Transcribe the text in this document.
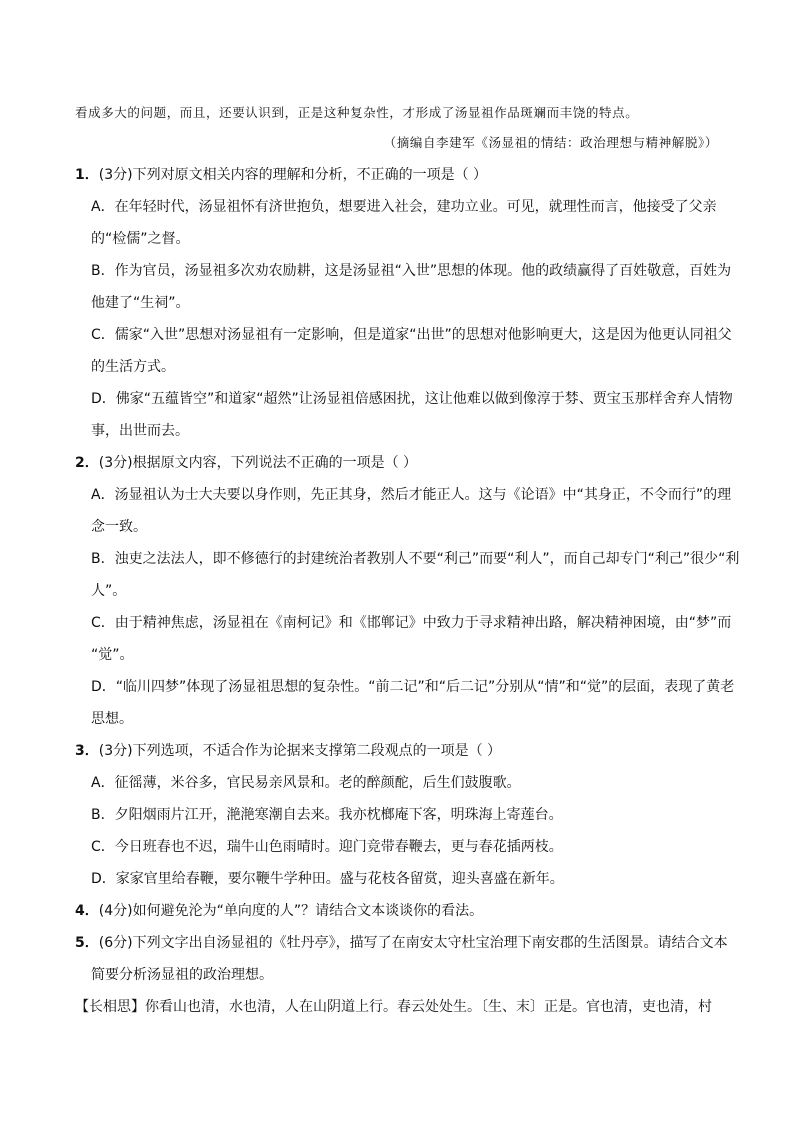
看成多大的问题，而且，还要认识到，正是这种复杂性，才形成了汤显祖作品斑斓而丰饶的特点。
（摘编自李建军《汤显祖的情结：政治理想与精神解脱》）
1．(3分)下列对原文相关内容的理解和分析，不正确的一项是（ ）
A．在年轻时代，汤显祖怀有济世抱负，想要进入社会，建功立业。可见，就理性而言，他接受了父亲
的“检儒”之督。
B．作为官员，汤显祖多次劝农励耕，这是汤显祖“入世”思想的体现。他的政绩赢得了百姓敬意，百姓为
他建了“生祠”。
C．儒家“入世”思想对汤显祖有一定影响，但是道家“出世”的思想对他影响更大，这是因为他更认同祖父
的生活方式。
D．佛家“五蕴皆空”和道家“超然”让汤显祖倍感困扰，这让他难以做到像淳于棼、贾宝玉那样舍弃人情物
事，出世而去。
2．(3分)根据原文内容，下列说法不正确的一项是（ ）
A．汤显祖认为士大夫要以身作则，先正其身，然后才能正人。这与《论语》中“其身正，不令而行”的理
念一致。
B．浊吏之法法人，即不修德行的封建统治者教别人不要“利己”而要“利人”，而自己却专门“利己”很少“利
人”。
C．由于精神焦虑，汤显祖在《南柯记》和《邯郸记》中致力于寻求精神出路，解决精神困境，由“梦”而
“觉”。
D．“临川四梦”体现了汤显祖思想的复杂性。“前二记”和“后二记”分别从“情”和“觉”的层面，表现了黄老
思想。
3．(3分)下列选项，不适合作为论据来支撑第二段观点的一项是（ ）
A．征徭薄，米谷多，官民易亲风景和。老的醉颜酡，后生们鼓腹歌。
B．夕阳烟雨片江开，滟滟寒潮自去来。我亦枕榔庵下客，明珠海上寄莲台。
C．今日班春也不迟，瑞牛山色雨晴时。迎门竞带春鞭去，更与春花插两枝。
D．家家官里给春鞭，要尔鞭牛学种田。盛与花枝各留赏，迎头喜盛在新年。
4．(4分)如何避免沦为“单向度的人”？请结合文本谈谈你的看法。
5．(6分)下列文字出自汤显祖的《牡丹亭》，描写了在南安太守杜宝治理下南安郡的生活图景。请结合文本
简要分析汤显祖的政治理想。
【长相思】你看山也清，水也清，人在山阴道上行。春云处处生。〔生、末〕正是。官也清，吏也清，村
